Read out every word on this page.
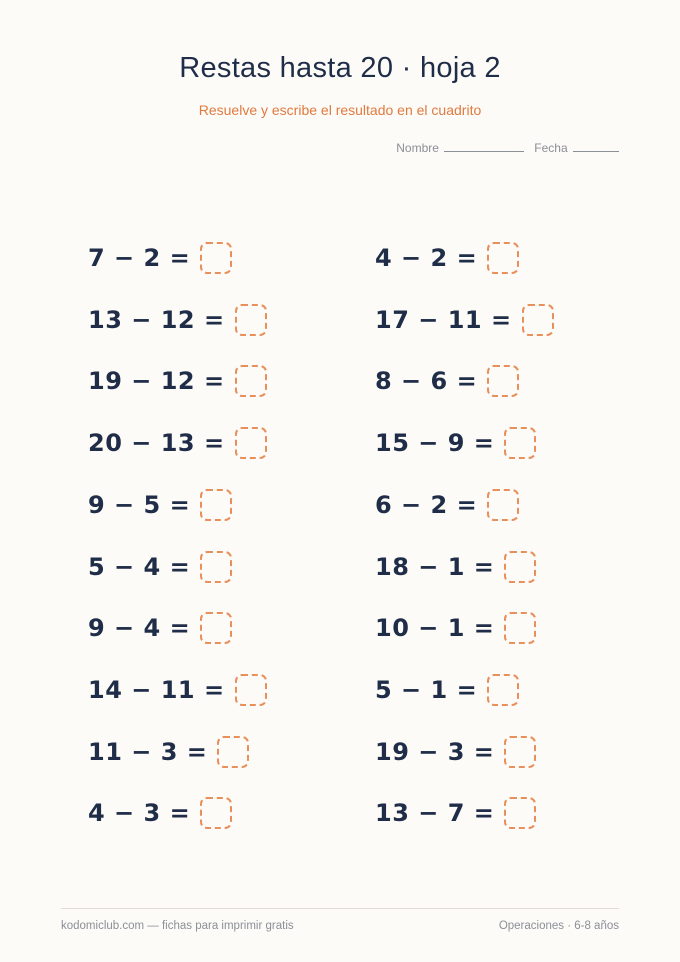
Restas hasta 20 · hoja 2

Resuelve y escribe el resultado en el cuadrito

Nombre	Fecha
7 − 2 =
13 − 12 =
19 − 12 =
20 − 13 =
9 − 5 =
5 − 4 =
9 − 4 =
14 − 11 =
11 − 3 =
4 − 3 =
4 − 2 =
17 − 11 =
8 − 6 =
15 − 9 =
6 − 2 =
18 − 1 =
10 − 1 =
5 − 1 =
19 − 3 =
13 − 7 =
kodomiclub.com — fichas para imprimir gratis	Operaciones · 6-8 años
